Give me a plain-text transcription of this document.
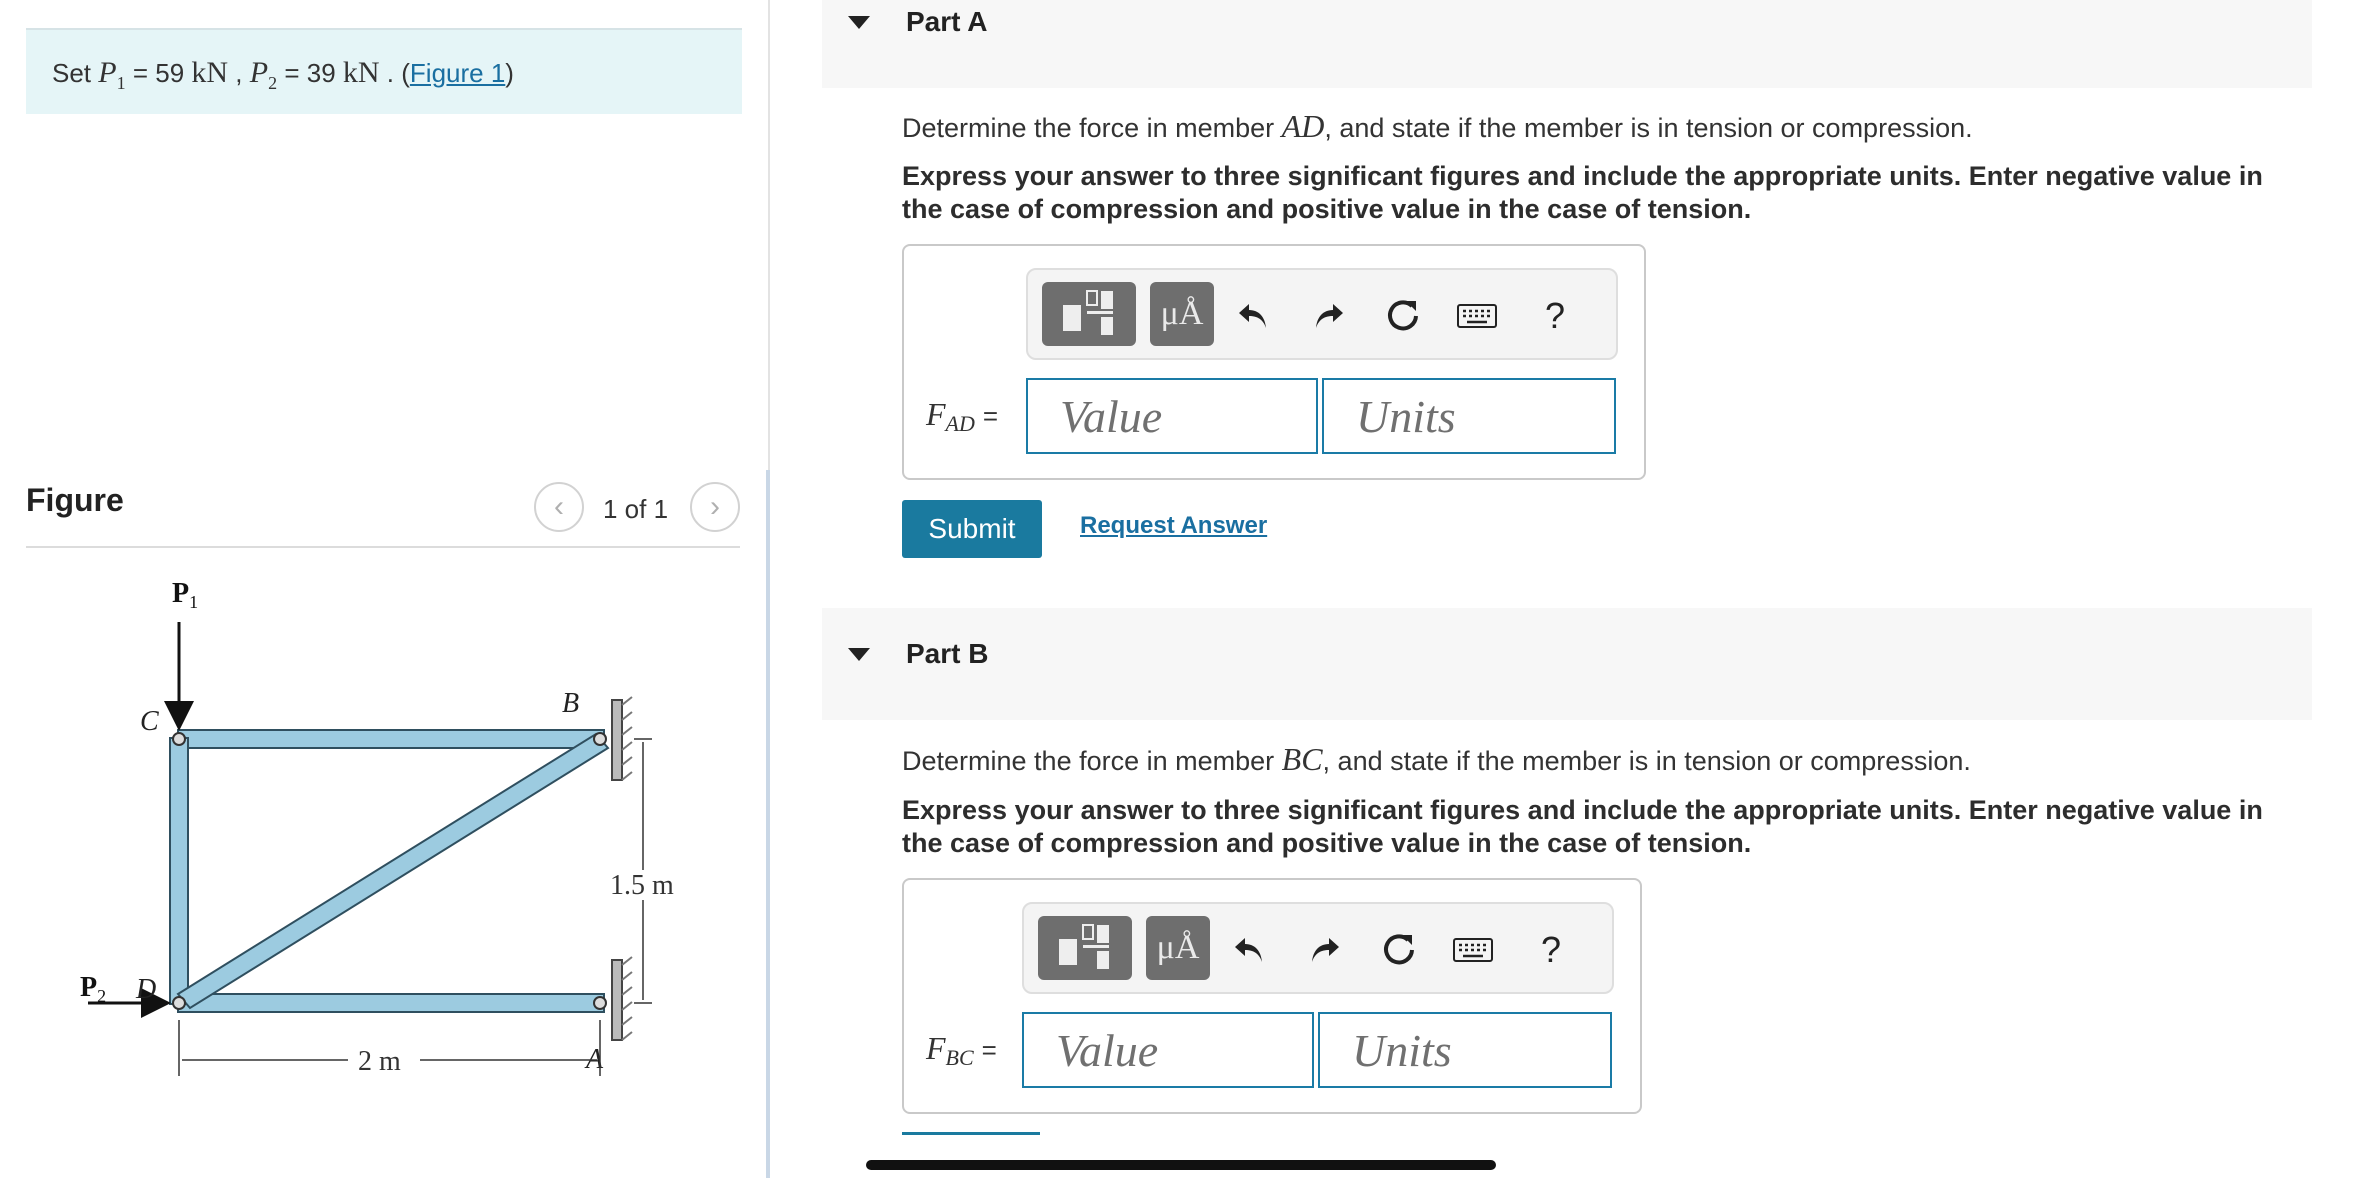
Set $P_1 = 59$ kN , $P_2 = 39$ kN . (Figure 1)
Figure	‹ 1 of 1 ›
$P_1$
C
B
$P_2$ D
A
1.5 m
2 m
Part A
Determine the force in member AD, and state if the member is in tension or compression.
Express your answer to three significant figures and include the appropriate units. Enter negative value in the case of compression and positive value in the case of tension.
μÅ	?
$F_{AD}$ =
Value
Units
Submit	Request Answer
Part B
Determine the force in member BC, and state if the member is in tension or compression.
Express your answer to three significant figures and include the appropriate units. Enter negative value in the case of compression and positive value in the case of tension.
μÅ	?
$F_{BC}$ =
Value
Units
